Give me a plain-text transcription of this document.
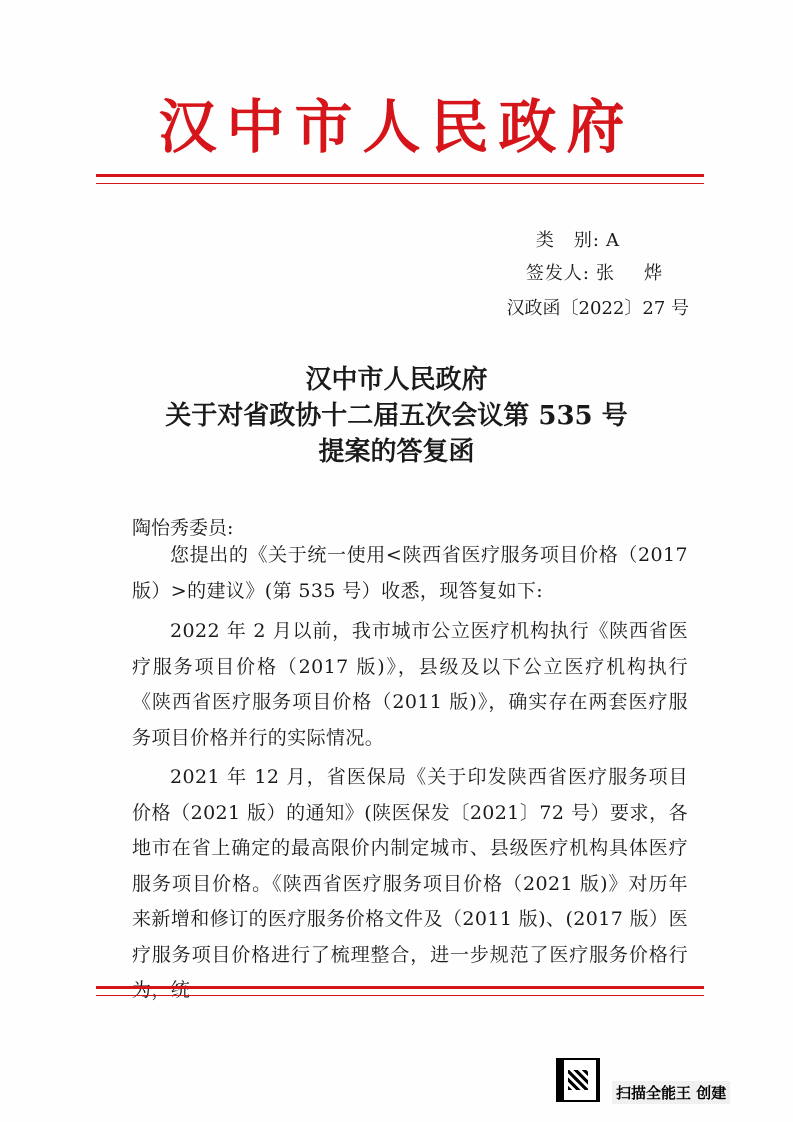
汉中市人民政府
类　别: A
签发人: 张　烨
汉政函〔2022〕27 号
汉中市人民政府
关于对省政协十二届五次会议第 535 号
提案的答复函
陶怡秀委员:
您提出的《关于统一使用<陕西省医疗服务项目价格（2017 版）>的建议》(第 535 号）收悉，现答复如下:
2022 年 2 月以前，我市城市公立医疗机构执行《陕西省医疗服务项目价格（2017 版)》，县级及以下公立医疗机构执行《陕西省医疗服务项目价格（2011 版)》，确实存在两套医疗服务项目价格并行的实际情况。
2021 年 12 月，省医保局《关于印发陕西省医疗服务项目价格（2021 版）的通知》(陕医保发〔2021〕72 号）要求，各地市在省上确定的最高限价内制定城市、县级医疗机构具体医疗服务项目价格。《陕西省医疗服务项目价格（2021 版)》对历年来新增和修订的医疗服务价格文件及（2011 版)、(2017 版）医疗服务项目价格进行了梳理整合，进一步规范了医疗服务价格行为，统一
扫描全能王 创建
